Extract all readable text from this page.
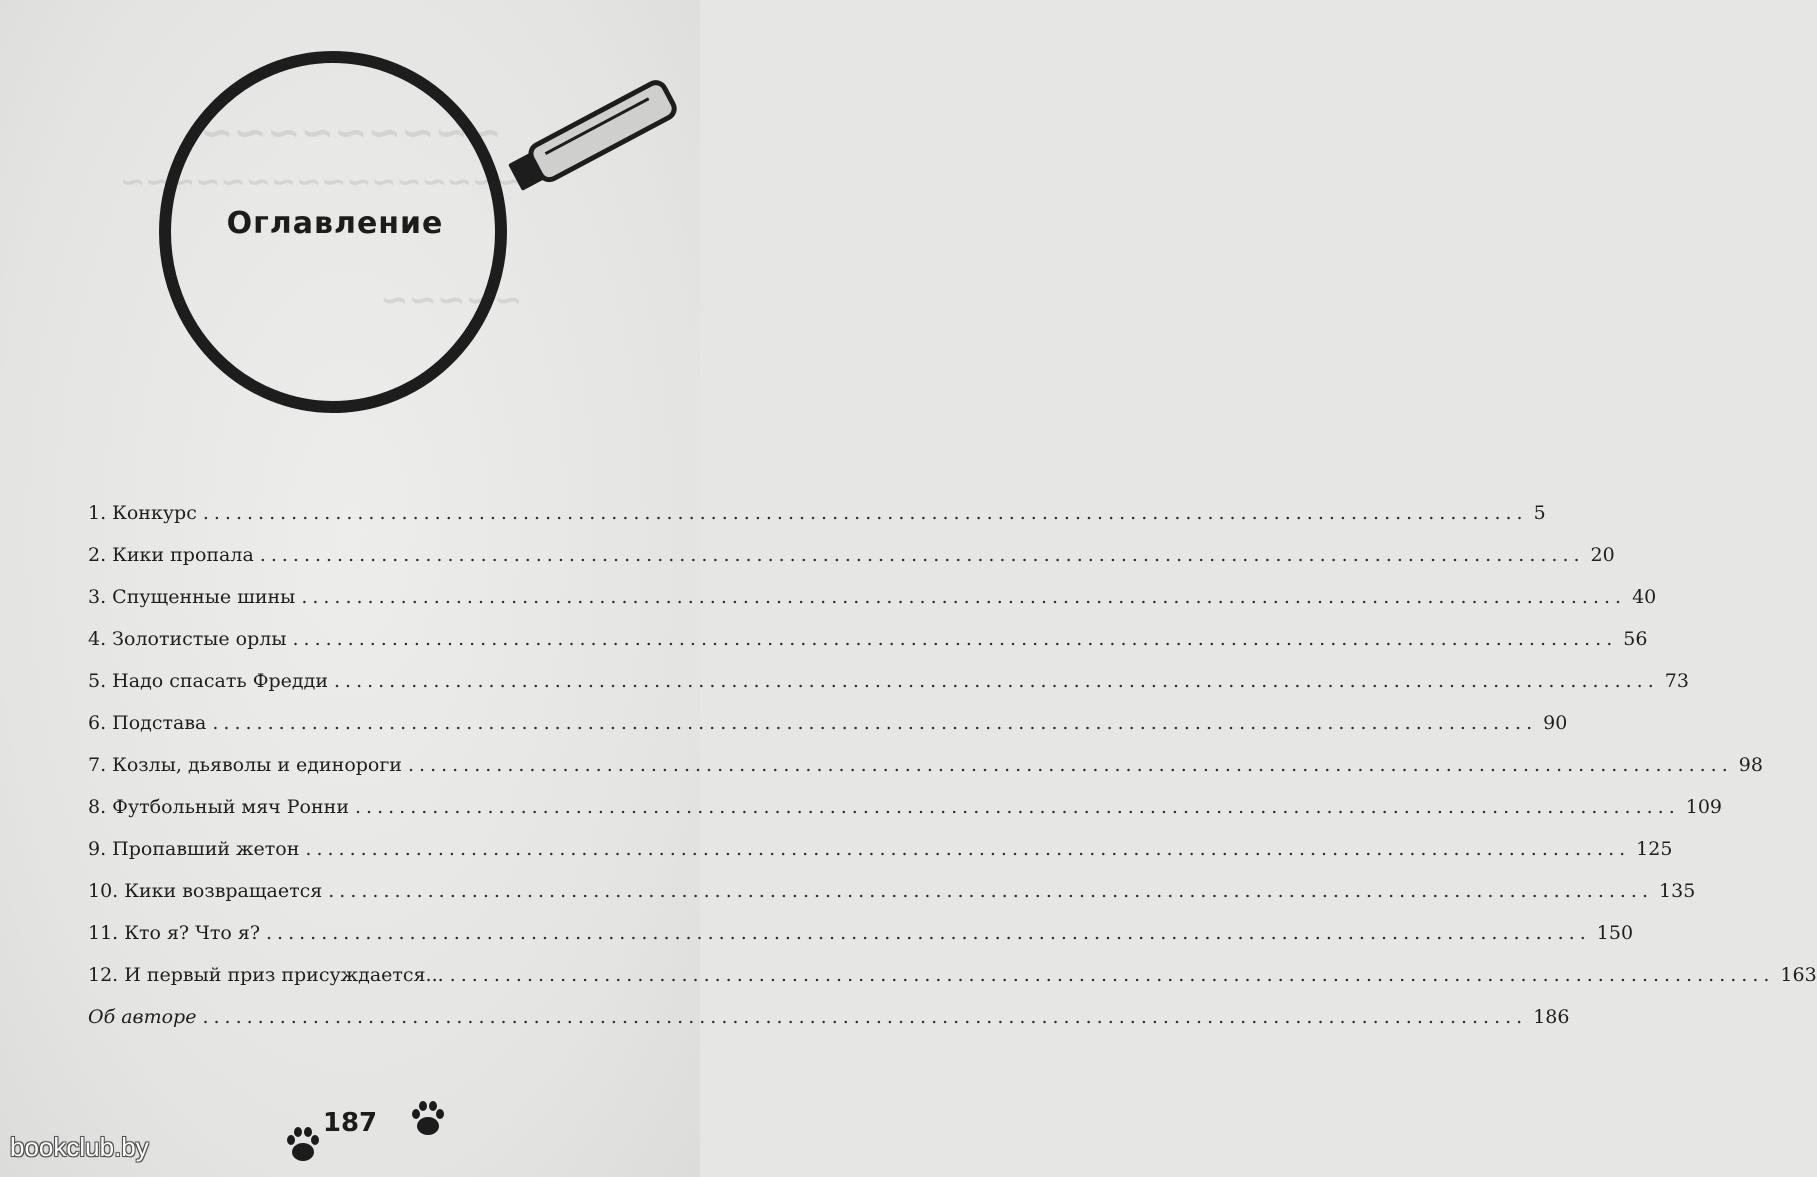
~~~~~~~~~
~~~~~~~~~~~~~~~~
~~~~~
Оглавление
1. Конкурс ........................................................................................................................ 5
2. Кики пропала ........................................................................................................................ 20
3. Спущенные шины ........................................................................................................................ 40
4. Золотистые орлы ........................................................................................................................ 56
5. Надо спасать Фредди ........................................................................................................................ 73
6. Подстава ........................................................................................................................ 90
7. Козлы, дьяволы и единороги ........................................................................................................................ 98
8. Футбольный мяч Ронни ........................................................................................................................ 109
9. Пропавший жетон ........................................................................................................................ 125
10. Кики возвращается ........................................................................................................................ 135
11. Кто я? Что я? ........................................................................................................................ 150
12. И первый приз присуждается... ........................................................................................................................ 163
Об авторе ........................................................................................................................ 186
187
bookclub.by
